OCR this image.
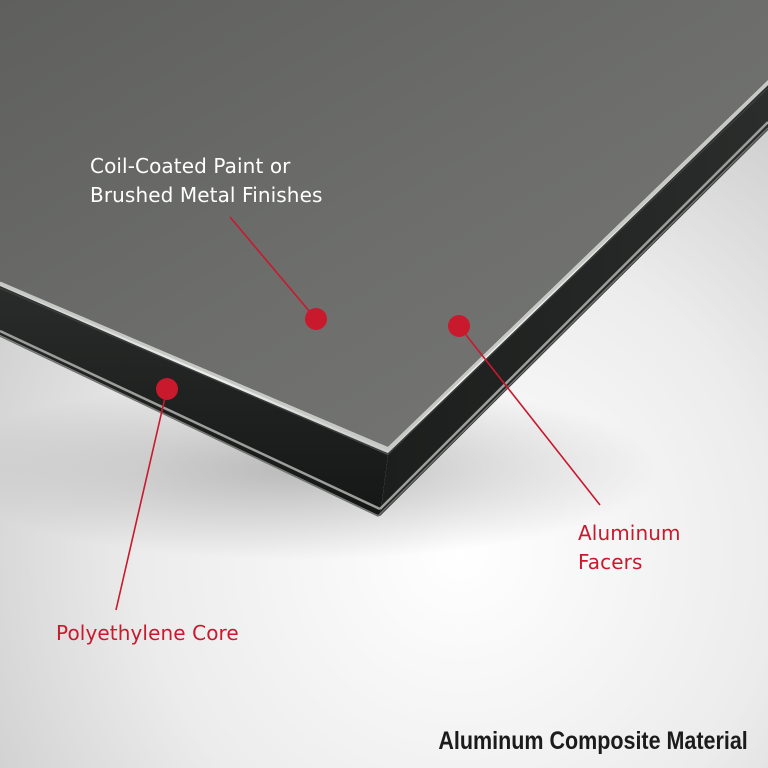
Coil-Coated Paint or
Brushed Metal Finishes
Aluminum
Facers
Polyethylene Core
Aluminum Composite Material
